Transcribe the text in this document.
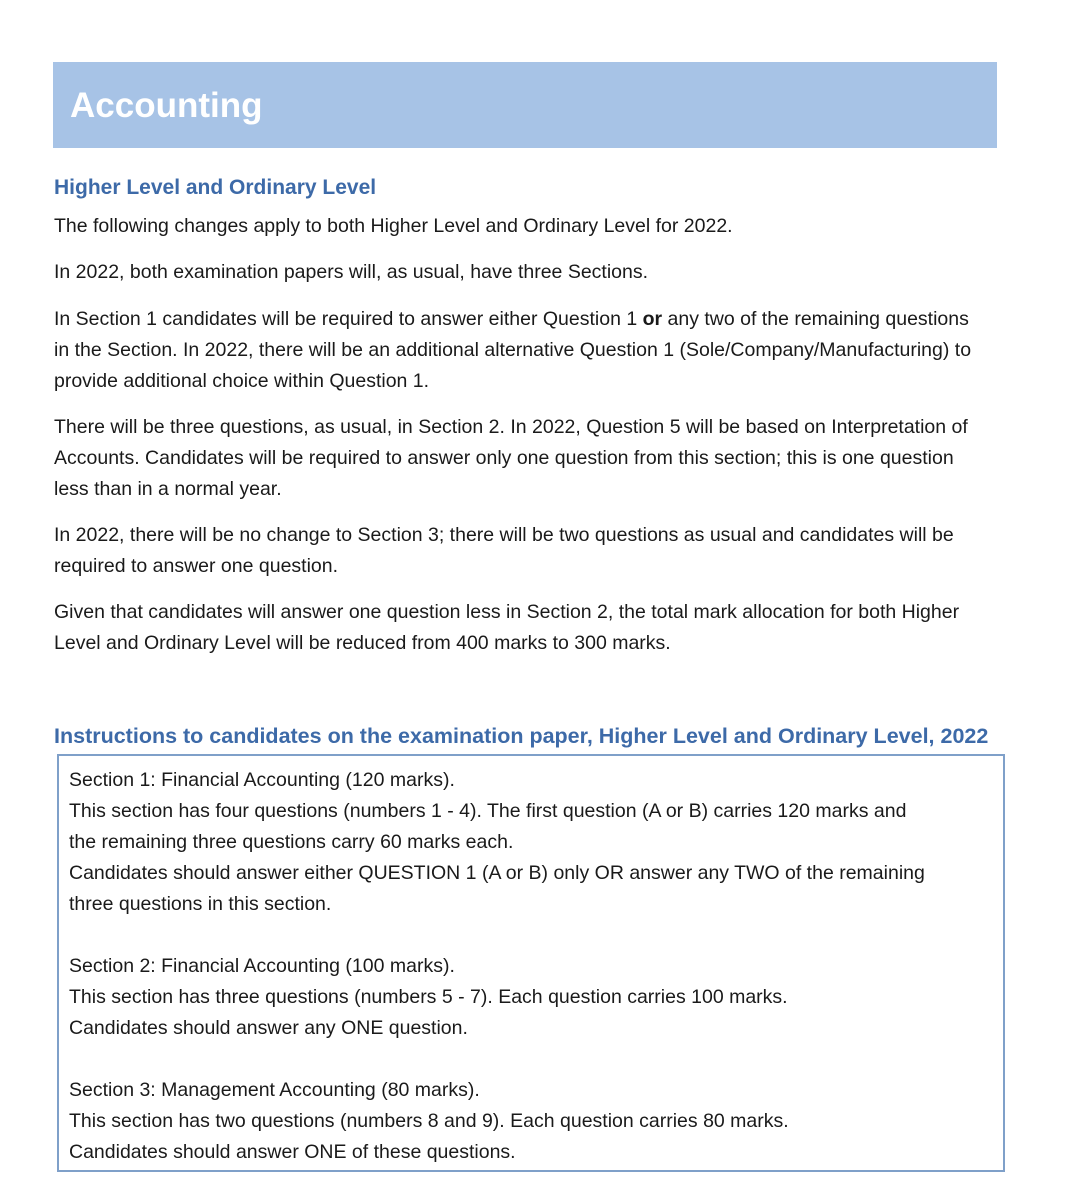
Accounting
Higher Level and Ordinary Level

The following changes apply to both Higher Level and Ordinary Level for 2022.

In 2022, both examination papers will, as usual, have three Sections.

In Section 1 candidates will be required to answer either Question 1 or any two of the remaining questions in the Section. In 2022, there will be an additional alternative Question 1 (Sole/Company/Manufacturing) to provide additional choice within Question 1.

There will be three questions, as usual, in Section 2. In 2022, Question 5 will be based on Interpretation of Accounts. Candidates will be required to answer only one question from this section; this is one question less than in a normal year.

In 2022, there will be no change to Section 3; there will be two questions as usual and candidates will be required to answer one question.

Given that candidates will answer one question less in Section 2, the total mark allocation for both Higher Level and Ordinary Level will be reduced from 400 marks to 300 marks.

Instructions to candidates on the examination paper, Higher Level and Ordinary Level, 2022
Section 1: Financial Accounting (120 marks).
This section has four questions (numbers 1 - 4). The first question (A or B) carries 120 marks and
the remaining three questions carry 60 marks each.
Candidates should answer either QUESTION 1 (A or B) only OR answer any TWO of the remaining
three questions in this section.
Section 2: Financial Accounting (100 marks).
This section has three questions (numbers 5 - 7). Each question carries 100 marks.
Candidates should answer any ONE question.
Section 3: Management Accounting (80 marks).
This section has two questions (numbers 8 and 9). Each question carries 80 marks.
Candidates should answer ONE of these questions.
